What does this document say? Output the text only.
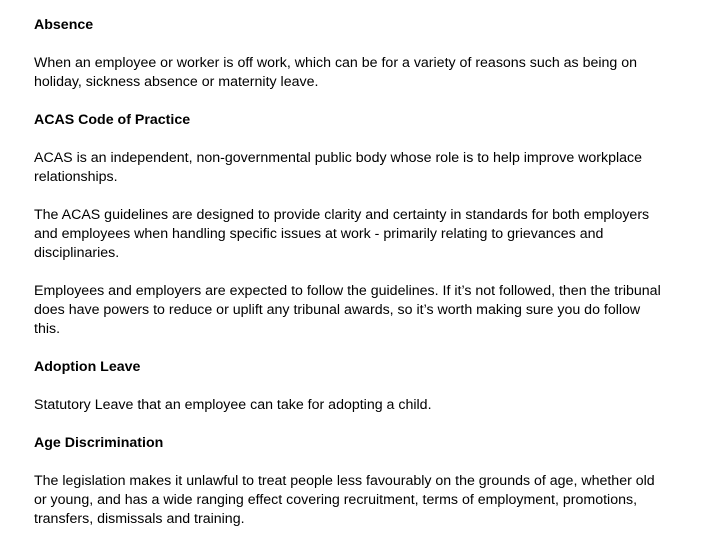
Absence

When an employee or worker is off work, which can be for a variety of reasons such as being on holiday, sickness absence or maternity leave.

ACAS Code of Practice

ACAS is an independent, non-governmental public body whose role is to help improve workplace relationships.

The ACAS guidelines are designed to provide clarity and certainty in standards for both employers and employees when handling specific issues at work - primarily relating to grievances and disciplinaries.

Employees and employers are expected to follow the guidelines. If it’s not followed, then the tribunal does have powers to reduce or uplift any tribunal awards, so it’s worth making sure you do follow this.

Adoption Leave

Statutory Leave that an employee can take for adopting a child.

Age Discrimination

The legislation makes it unlawful to treat people less favourably on the grounds of age, whether old or young, and has a wide ranging effect covering recruitment, terms of employment, promotions, transfers, dismissals and training.
